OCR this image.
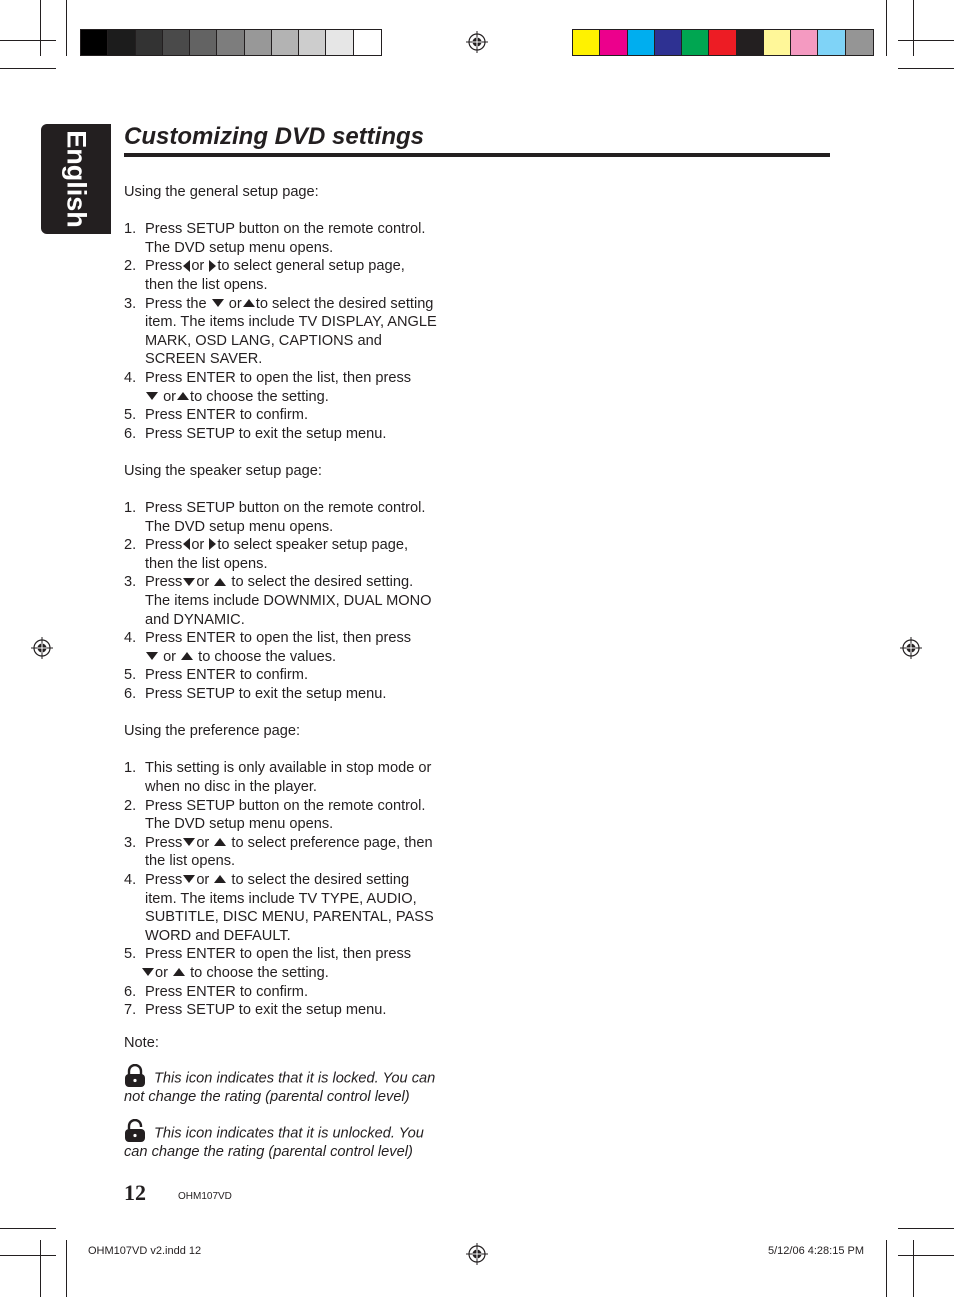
English Customizing DVD settings

Using the general setup page:

1. Press SETUP button on the remote control.
The DVD setup menu opens.
2. Press or to select general setup page,
then the list opens.
3. Press the or to select the desired setting
item. The items include TV DISPLAY, ANGLE
MARK, OSD LANG, CAPTIONS and
SCREEN SAVER.
4. Press ENTER to open the list, then press
or to choose the setting.
5. Press ENTER to confirm.
6. Press SETUP to exit the setup menu.

Using the speaker setup page:

1. Press SETUP button on the remote control.
The DVD setup menu opens.
2. Press or to select speaker setup page,
then the list opens.
3. Press or to select the desired setting.
The items include DOWNMIX, DUAL MONO
and DYNAMIC.
4. Press ENTER to open the list, then press
or to choose the values.
5. Press ENTER to confirm.
6. Press SETUP to exit the setup menu.

Using the preference page:

1. This setting is only available in stop mode or
when no disc in the player.
2. Press SETUP button on the remote control.
The DVD setup menu opens.
3. Press or to select preference page, then
the list opens.
4. Press or to select the desired setting
item. The items include TV TYPE, AUDIO,
SUBTITLE, DISC MENU, PARENTAL, PASS
WORD and DEFAULT.
5. Press ENTER to open the list, then press
or to choose the setting.
6. Press ENTER to confirm.
7. Press SETUP to exit the setup menu.

Note:

This icon indicates that it is locked. You can
not change the rating (parental control level)

This icon indicates that it is unlocked. You
can change the rating (parental control level)

12	OHM107VD
OHM107VD v2.indd 12	5/12/06 4:28:15 PM
